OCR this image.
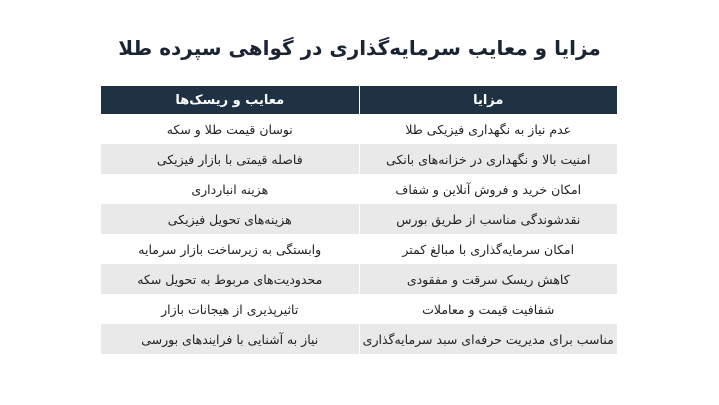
مزایا و معایب سرمایه‌گذاری در گواهی سپرده طلا
مزایا	معایب و ریسک‌ها
عدم نیاز به نگهداری فیزیکی طلا	نوسان قیمت طلا و سکه
امنیت بالا و نگهداری در خزانه‌های بانکی	فاصله قیمتی با بازار فیزیکی
امکان خرید و فروش آنلاین و شفاف	هزینه انبارداری
نقدشوندگی مناسب از طریق بورس	هزینه‌های تحویل فیزیکی
امکان سرمایه‌گذاری با مبالغ کمتر	وابستگی به زیرساخت بازار سرمایه
کاهش ریسک سرقت و مفقودی	محدودیت‌های مربوط به تحویل سکه
شفافیت قیمت و معاملات	تاثیرپذیری از هیجانات بازار
مناسب برای مدیریت حرفه‌ای سبد سرمایه‌گذاری	نیاز به آشنایی با فرایندهای بورسی
